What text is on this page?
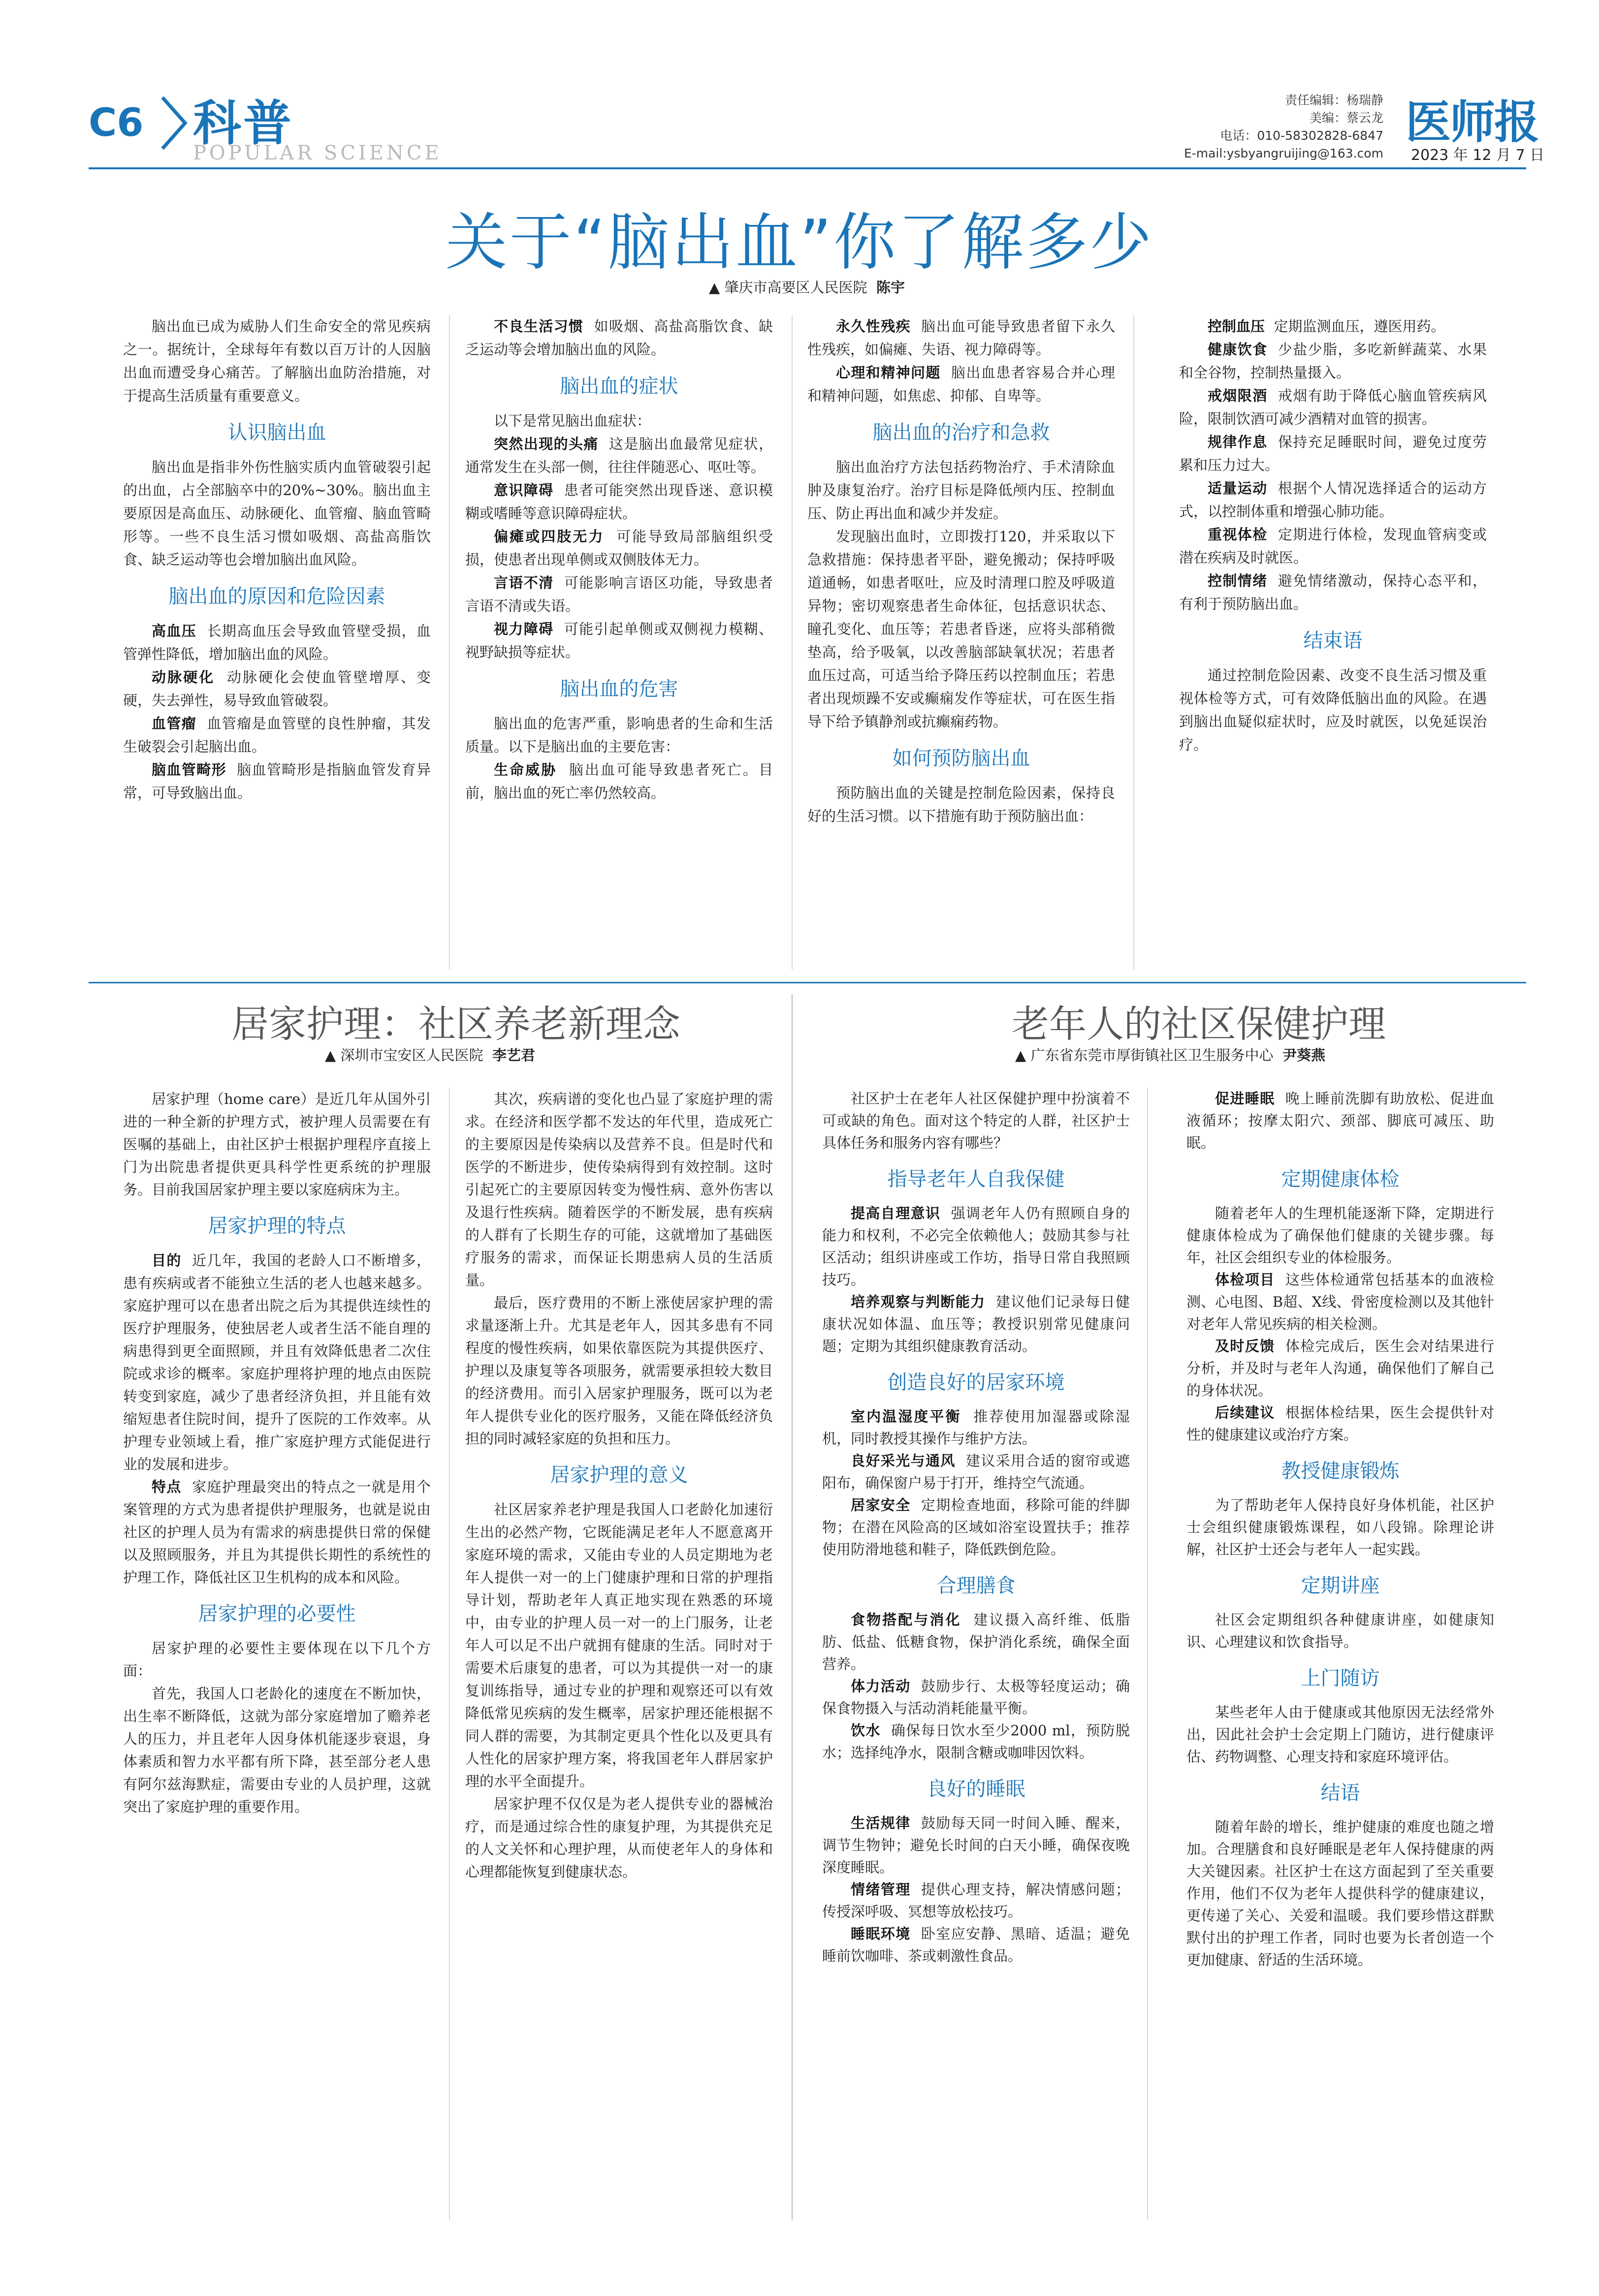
C6 科普
POPULAR SCIENCE
责任编辑：杨瑞静
美编：蔡云龙
电话：010-58302828-6847
E-mail:ysbyangruijing@163.com
医师报
2023 年 12 月 7 日
关于“脑出血”你了解多少
▲ 肇庆市高要区人民医院 陈宇

脑出血已成为威胁人们生命安全的常见疾病之一。据统计，全球每年有数以百万计的人因脑出血而遭受身心痛苦。了解脑出血防治措施，对于提高生活质量有重要意义。

认识脑出血

脑出血是指非外伤性脑实质内血管破裂引起的出血，占全部脑卒中的20%~30%。脑出血主要原因是高血压、动脉硬化、血管瘤、脑血管畸形等。一些不良生活习惯如吸烟、高盐高脂饮食、缺乏运动等也会增加脑出血风险。

脑出血的原因和危险因素

高血压 长期高血压会导致血管壁受损，血管弹性降低，增加脑出血的风险。

动脉硬化 动脉硬化会使血管壁增厚、变硬，失去弹性，易导致血管破裂。

血管瘤 血管瘤是血管壁的良性肿瘤，其发生破裂会引起脑出血。

脑血管畸形 脑血管畸形是指脑血管发育异常，可导致脑出血。

不良生活习惯 如吸烟、高盐高脂饮食、缺乏运动等会增加脑出血的风险。

脑出血的症状

以下是常见脑出血症状：

突然出现的头痛 这是脑出血最常见症状，通常发生在头部一侧，往往伴随恶心、呕吐等。

意识障碍 患者可能突然出现昏迷、意识模糊或嗜睡等意识障碍症状。

偏瘫或四肢无力 可能导致局部脑组织受损，使患者出现单侧或双侧肢体无力。

言语不清 可能影响言语区功能，导致患者言语不清或失语。

视力障碍 可能引起单侧或双侧视力模糊、视野缺损等症状。

脑出血的危害

脑出血的危害严重，影响患者的生命和生活质量。以下是脑出血的主要危害：

生命威胁 脑出血可能导致患者死亡。目前，脑出血的死亡率仍然较高。

永久性残疾 脑出血可能导致患者留下永久性残疾，如偏瘫、失语、视力障碍等。

心理和精神问题 脑出血患者容易合并心理和精神问题，如焦虑、抑郁、自卑等。

脑出血的治疗和急救

脑出血治疗方法包括药物治疗、手术清除血肿及康复治疗。治疗目标是降低颅内压、控制血压、防止再出血和减少并发症。

发现脑出血时，立即拨打120，并采取以下急救措施：保持患者平卧，避免搬动；保持呼吸道通畅，如患者呕吐，应及时清理口腔及呼吸道异物；密切观察患者生命体征，包括意识状态、瞳孔变化、血压等；若患者昏迷，应将头部稍微垫高，给予吸氧，以改善脑部缺氧状况；若患者血压过高，可适当给予降压药以控制血压；若患者出现烦躁不安或癫痫发作等症状，可在医生指导下给予镇静剂或抗癫痫药物。

如何预防脑出血

预防脑出血的关键是控制危险因素，保持良好的生活习惯。以下措施有助于预防脑出血：

控制血压 定期监测血压，遵医用药。

健康饮食 少盐少脂，多吃新鲜蔬菜、水果和全谷物，控制热量摄入。

戒烟限酒 戒烟有助于降低心脑血管疾病风险，限制饮酒可减少酒精对血管的损害。

规律作息 保持充足睡眠时间，避免过度劳累和压力过大。

适量运动 根据个人情况选择适合的运动方式，以控制体重和增强心肺功能。

重视体检 定期进行体检，发现血管病变或潜在疾病及时就医。

控制情绪 避免情绪激动，保持心态平和，有利于预防脑出血。

结束语

通过控制危险因素、改变不良生活习惯及重视体检等方式，可有效降低脑出血的风险。在遇到脑出血疑似症状时，应及时就医，以免延误治疗。

居家护理：社区养老新理念
▲ 深圳市宝安区人民医院 李艺君

居家护理（home care）是近几年从国外引进的一种全新的护理方式，被护理人员需要在有医嘱的基础上，由社区护士根据护理程序直接上门为出院患者提供更具科学性更系统的护理服务。目前我国居家护理主要以家庭病床为主。

居家护理的特点

目的 近几年，我国的老龄人口不断增多，患有疾病或者不能独立生活的老人也越来越多。家庭护理可以在患者出院之后为其提供连续性的医疗护理服务，使独居老人或者生活不能自理的病患得到更全面照顾，并且有效降低患者二次住院或求诊的概率。家庭护理将护理的地点由医院转变到家庭，减少了患者经济负担，并且能有效缩短患者住院时间，提升了医院的工作效率。从护理专业领域上看，推广家庭护理方式能促进行业的发展和进步。

特点 家庭护理最突出的特点之一就是用个案管理的方式为患者提供护理服务，也就是说由社区的护理人员为有需求的病患提供日常的保健以及照顾服务，并且为其提供长期性的系统性的护理工作，降低社区卫生机构的成本和风险。

居家护理的必要性

居家护理的必要性主要体现在以下几个方面：

首先，我国人口老龄化的速度在不断加快，出生率不断降低，这就为部分家庭增加了赡养老人的压力，并且老年人因身体机能逐步衰退，身体素质和智力水平都有所下降，甚至部分老人患有阿尔兹海默症，需要由专业的人员护理，这就突出了家庭护理的重要作用。

其次，疾病谱的变化也凸显了家庭护理的需求。在经济和医学都不发达的年代里，造成死亡的主要原因是传染病以及营养不良。但是时代和医学的不断进步，使传染病得到有效控制。这时引起死亡的主要原因转变为慢性病、意外伤害以及退行性疾病。随着医学的不断发展，患有疾病的人群有了长期生存的可能，这就增加了基础医疗服务的需求，而保证长期患病人员的生活质量。

最后，医疗费用的不断上涨使居家护理的需求量逐渐上升。尤其是老年人，因其多患有不同程度的慢性疾病，如果依靠医院为其提供医疗、护理以及康复等各项服务，就需要承担较大数目的经济费用。而引入居家护理服务，既可以为老年人提供专业化的医疗服务，又能在降低经济负担的同时减轻家庭的负担和压力。

居家护理的意义

社区居家养老护理是我国人口老龄化加速衍生出的必然产物，它既能满足老年人不愿意离开家庭环境的需求，又能由专业的人员定期地为老年人提供一对一的上门健康护理和日常的护理指导计划，帮助老年人真正地实现在熟悉的环境中，由专业的护理人员一对一的上门服务，让老年人可以足不出户就拥有健康的生活。同时对于需要术后康复的患者，可以为其提供一对一的康复训练指导，通过专业的护理和观察还可以有效降低常见疾病的发生概率，居家护理还能根据不同人群的需要，为其制定更具个性化以及更具有人性化的居家护理方案，将我国老年人群居家护理的水平全面提升。

居家护理不仅仅是为老人提供专业的器械治疗，而是通过综合性的康复护理，为其提供充足的人文关怀和心理护理，从而使老年人的身体和心理都能恢复到健康状态。

老年人的社区保健护理
▲ 广东省东莞市厚街镇社区卫生服务中心 尹葵燕

社区护士在老年人社区保健护理中扮演着不可或缺的角色。面对这个特定的人群，社区护士具体任务和服务内容有哪些？

指导老年人自我保健

提高自理意识 强调老年人仍有照顾自身的能力和权利，不必完全依赖他人；鼓励其参与社区活动；组织讲座或工作坊，指导日常自我照顾技巧。

培养观察与判断能力 建议他们记录每日健康状况如体温、血压等；教授识别常见健康问题；定期为其组织健康教育活动。

创造良好的居家环境

室内温湿度平衡 推荐使用加湿器或除湿机，同时教授其操作与维护方法。

良好采光与通风 建议采用合适的窗帘或遮阳布，确保窗户易于打开，维持空气流通。

居家安全 定期检查地面，移除可能的绊脚物；在潜在风险高的区域如浴室设置扶手；推荐使用防滑地毯和鞋子，降低跌倒危险。

合理膳食

食物搭配与消化 建议摄入高纤维、低脂肪、低盐、低糖食物，保护消化系统，确保全面营养。

体力活动 鼓励步行、太极等轻度运动；确保食物摄入与活动消耗能量平衡。

饮水 确保每日饮水至少2000 ml，预防脱水；选择纯净水，限制含糖或咖啡因饮料。

良好的睡眠

生活规律 鼓励每天同一时间入睡、醒来，调节生物钟；避免长时间的白天小睡，确保夜晚深度睡眠。

情绪管理 提供心理支持，解决情感问题；传授深呼吸、冥想等放松技巧。

睡眠环境 卧室应安静、黑暗、适温；避免睡前饮咖啡、茶或刺激性食品。

促进睡眠 晚上睡前洗脚有助放松、促进血液循环；按摩太阳穴、颈部、脚底可减压、助眠。

定期健康体检

随着老年人的生理机能逐渐下降，定期进行健康体检成为了确保他们健康的关键步骤。每年，社区会组织专业的体检服务。

体检项目 这些体检通常包括基本的血液检测、心电图、B超、X线、骨密度检测以及其他针对老年人常见疾病的相关检测。

及时反馈 体检完成后，医生会对结果进行分析，并及时与老年人沟通，确保他们了解自己的身体状况。

后续建议 根据体检结果，医生会提供针对性的健康建议或治疗方案。

教授健康锻炼

为了帮助老年人保持良好身体机能，社区护士会组织健康锻炼课程，如八段锦。除理论讲解，社区护士还会与老年人一起实践。

定期讲座

社区会定期组织各种健康讲座，如健康知识、心理建议和饮食指导。

上门随访

某些老年人由于健康或其他原因无法经常外出，因此社会护士会定期上门随访，进行健康评估、药物调整、心理支持和家庭环境评估。

结语

随着年龄的增长，维护健康的难度也随之增加。合理膳食和良好睡眠是老年人保持健康的两大关键因素。社区护士在这方面起到了至关重要作用，他们不仅为老年人提供科学的健康建议，更传递了关心、关爱和温暖。我们要珍惜这群默默付出的护理工作者，同时也要为长者创造一个更加健康、舒适的生活环境。
